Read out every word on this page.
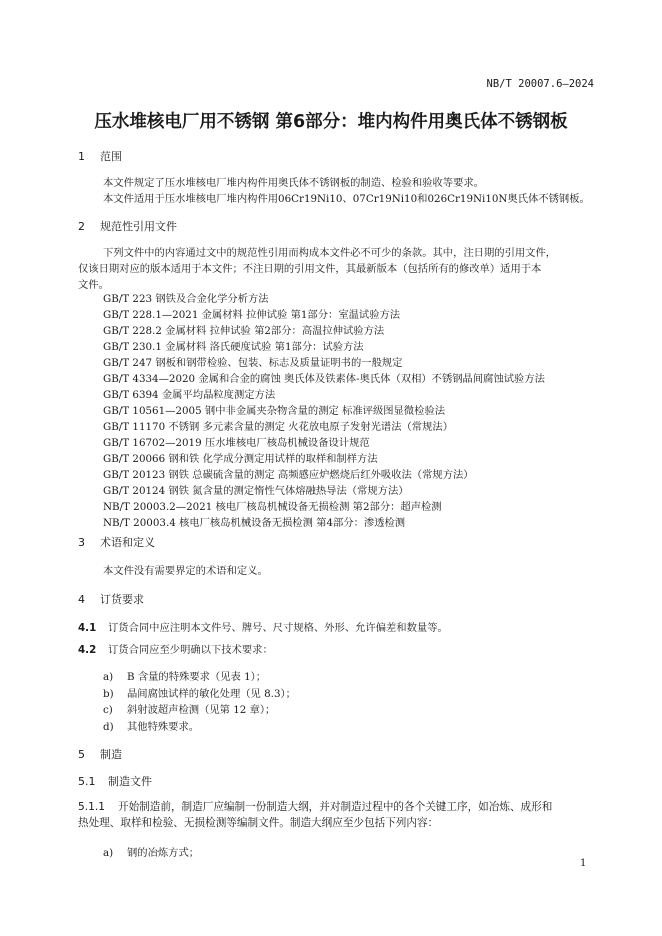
NB/T 20007.6—2024
压水堆核电厂用不锈钢 第6部分：堆内构件用奥氏体不锈钢板
1 范围
本文件规定了压水堆核电厂堆内构件用奥氏体不锈钢板的制造、检验和验收等要求。
本文件适用于压水堆核电厂堆内构件用06Cr19Ni10、07Cr19Ni10和026Cr19Ni10N奥氏体不锈钢板。
2 规范性引用文件
下列文件中的内容通过文中的规范性引用而构成本文件必不可少的条款。其中，注日期的引用文件，
仅该日期对应的版本适用于本文件；不注日期的引用文件，其最新版本（包括所有的修改单）适用于本
文件。
GB/T 223 钢铁及合金化学分析方法
GB/T 228.1—2021 金属材料 拉伸试验 第1部分：室温试验方法
GB/T 228.2 金属材料 拉伸试验 第2部分：高温拉伸试验方法
GB/T 230.1 金属材料 洛氏硬度试验 第1部分：试验方法
GB/T 247 钢板和钢带检验、包装、标志及质量证明书的一般规定
GB/T 4334—2020 金属和合金的腐蚀 奥氏体及铁素体-奥氏体（双相）不锈钢晶间腐蚀试验方法
GB/T 6394 金属平均晶粒度测定方法
GB/T 10561—2005 钢中非金属夹杂物含量的测定 标准评级图显微检验法
GB/T 11170 不锈钢 多元素含量的测定 火花放电原子发射光谱法（常规法）
GB/T 16702—2019 压水堆核电厂核岛机械设备设计规范
GB/T 20066 钢和铁 化学成分测定用试样的取样和制样方法
GB/T 20123 钢铁 总碳硫含量的测定 高频感应炉燃烧后红外吸收法（常规方法）
GB/T 20124 钢铁 氮含量的测定惰性气体熔融热导法（常规方法）
NB/T 20003.2—2021 核电厂核岛机械设备无损检测 第2部分：超声检测
NB/T 20003.4 核电厂核岛机械设备无损检测 第4部分：渗透检测
3 术语和定义
本文件没有需要界定的术语和定义。
4 订货要求
4.1 订货合同中应注明本文件号、牌号、尺寸规格、外形、允许偏差和数量等。
4.2 订货合同应至少明确以下技术要求：
a) B 含量的特殊要求（见表 1）；
b) 晶间腐蚀试样的敏化处理（见 8.3）；
c) 斜射波超声检测（见第 12 章）；
d) 其他特殊要求。
5 制造
5.1 制造文件
5.1.1 开始制造前，制造厂应编制一份制造大纲，并对制造过程中的各个关键工序，如冶炼、成形和
热处理、取样和检验、无损检测等编制文件。制造大纲应至少包括下列内容：
a) 钢的冶炼方式；
1
